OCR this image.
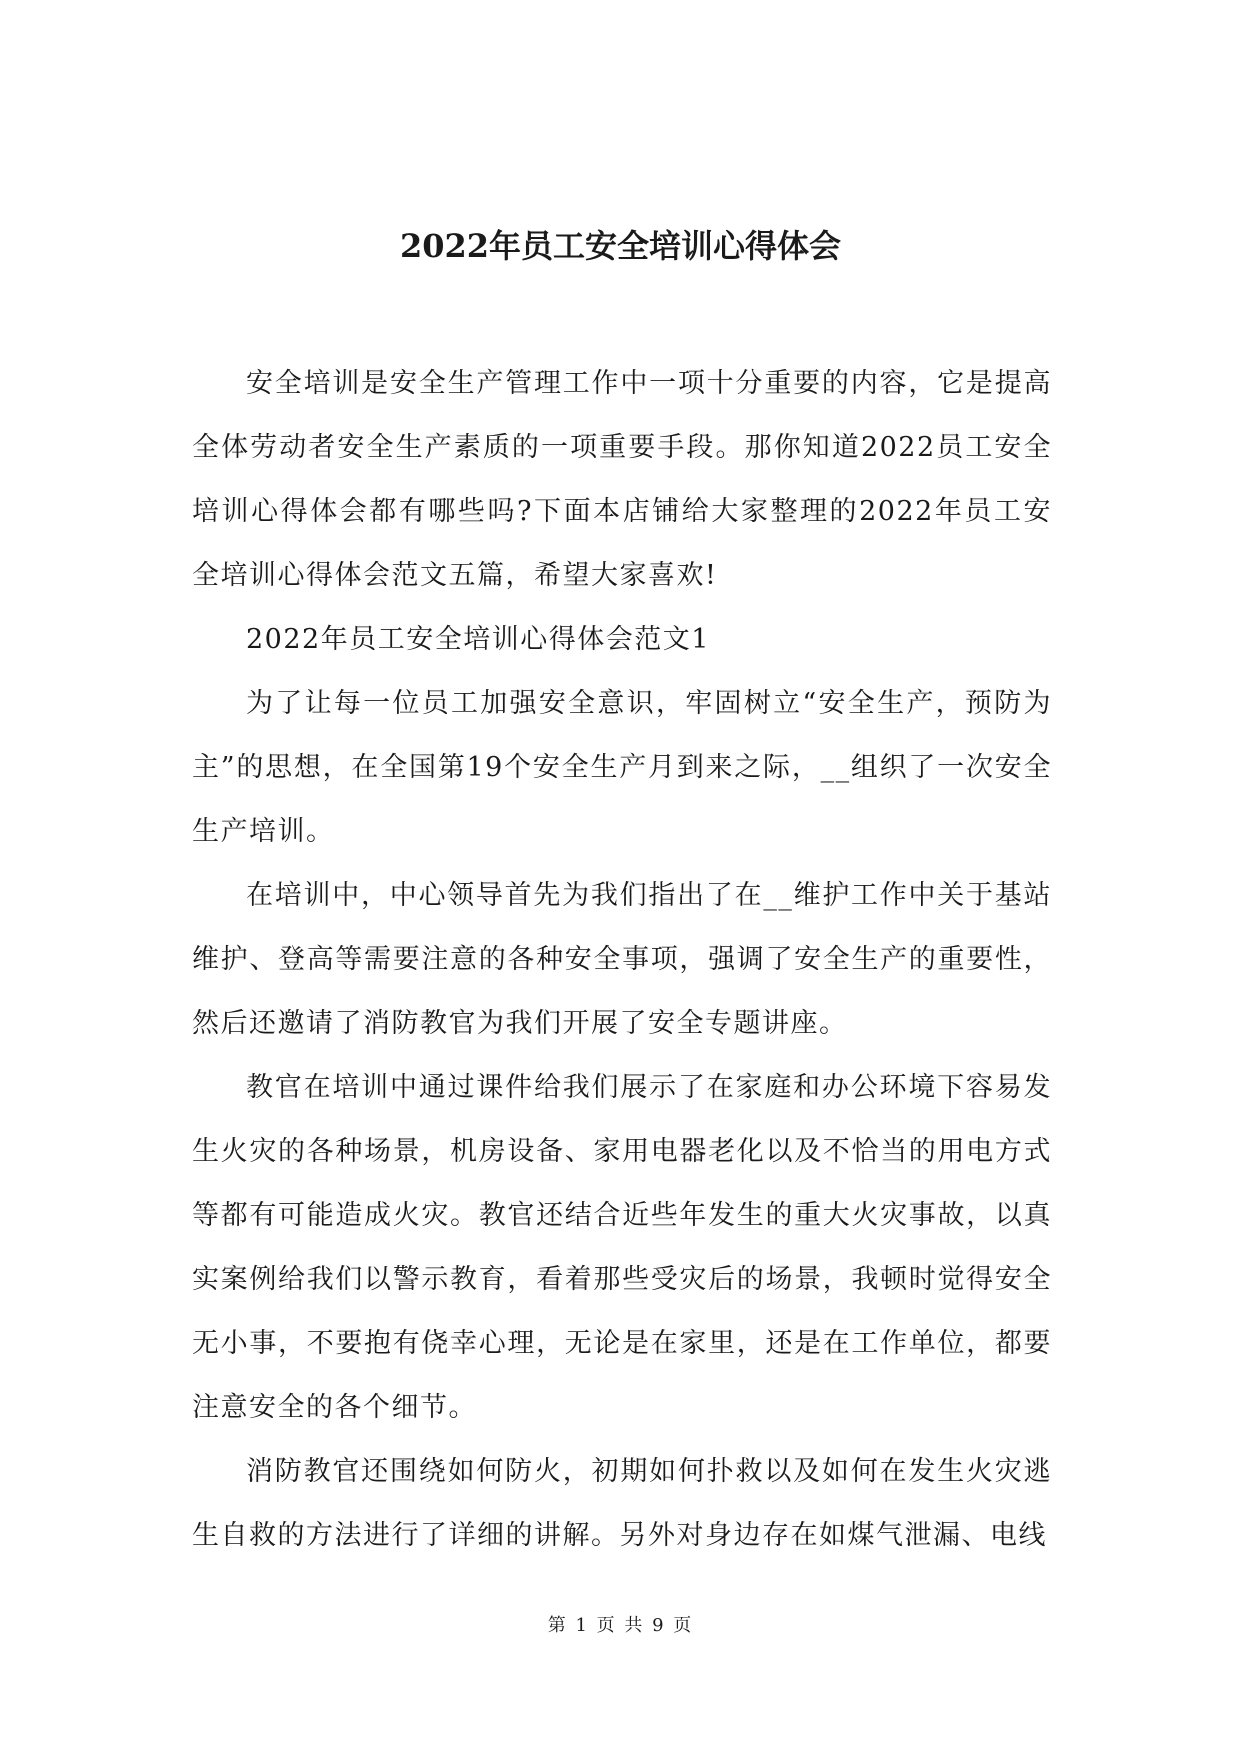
2022年员工安全培训心得体会

安全培训是安全生产管理工作中一项十分重要的内容，它是提高全体劳动者安全生产素质的一项重要手段。那你知道2022员工安全培训心得体会都有哪些吗?下面本店铺给大家整理的2022年员工安全培训心得体会范文五篇，希望大家喜欢!

2022年员工安全培训心得体会范文1

为了让每一位员工加强安全意识，牢固树立“安全生产，预防为主”的思想，在全国第19个安全生产月到来之际，__组织了一次安全生产培训。

在培训中，中心领导首先为我们指出了在__维护工作中关于基站维护、登高等需要注意的各种安全事项，强调了安全生产的重要性，然后还邀请了消防教官为我们开展了安全专题讲座。

教官在培训中通过课件给我们展示了在家庭和办公环境下容易发生火灾的各种场景，机房设备、家用电器老化以及不恰当的用电方式等都有可能造成火灾。教官还结合近些年发生的重大火灾事故，以真实案例给我们以警示教育，看着那些受灾后的场景，我顿时觉得安全无小事，不要抱有侥幸心理，无论是在家里，还是在工作单位，都要注意安全的各个细节。

消防教官还围绕如何防火，初期如何扑救以及如何在发生火灾逃生自救的方法进行了详细的讲解。另外对身边存在如煤气泄漏、电线

第 1 页 共 9 页
